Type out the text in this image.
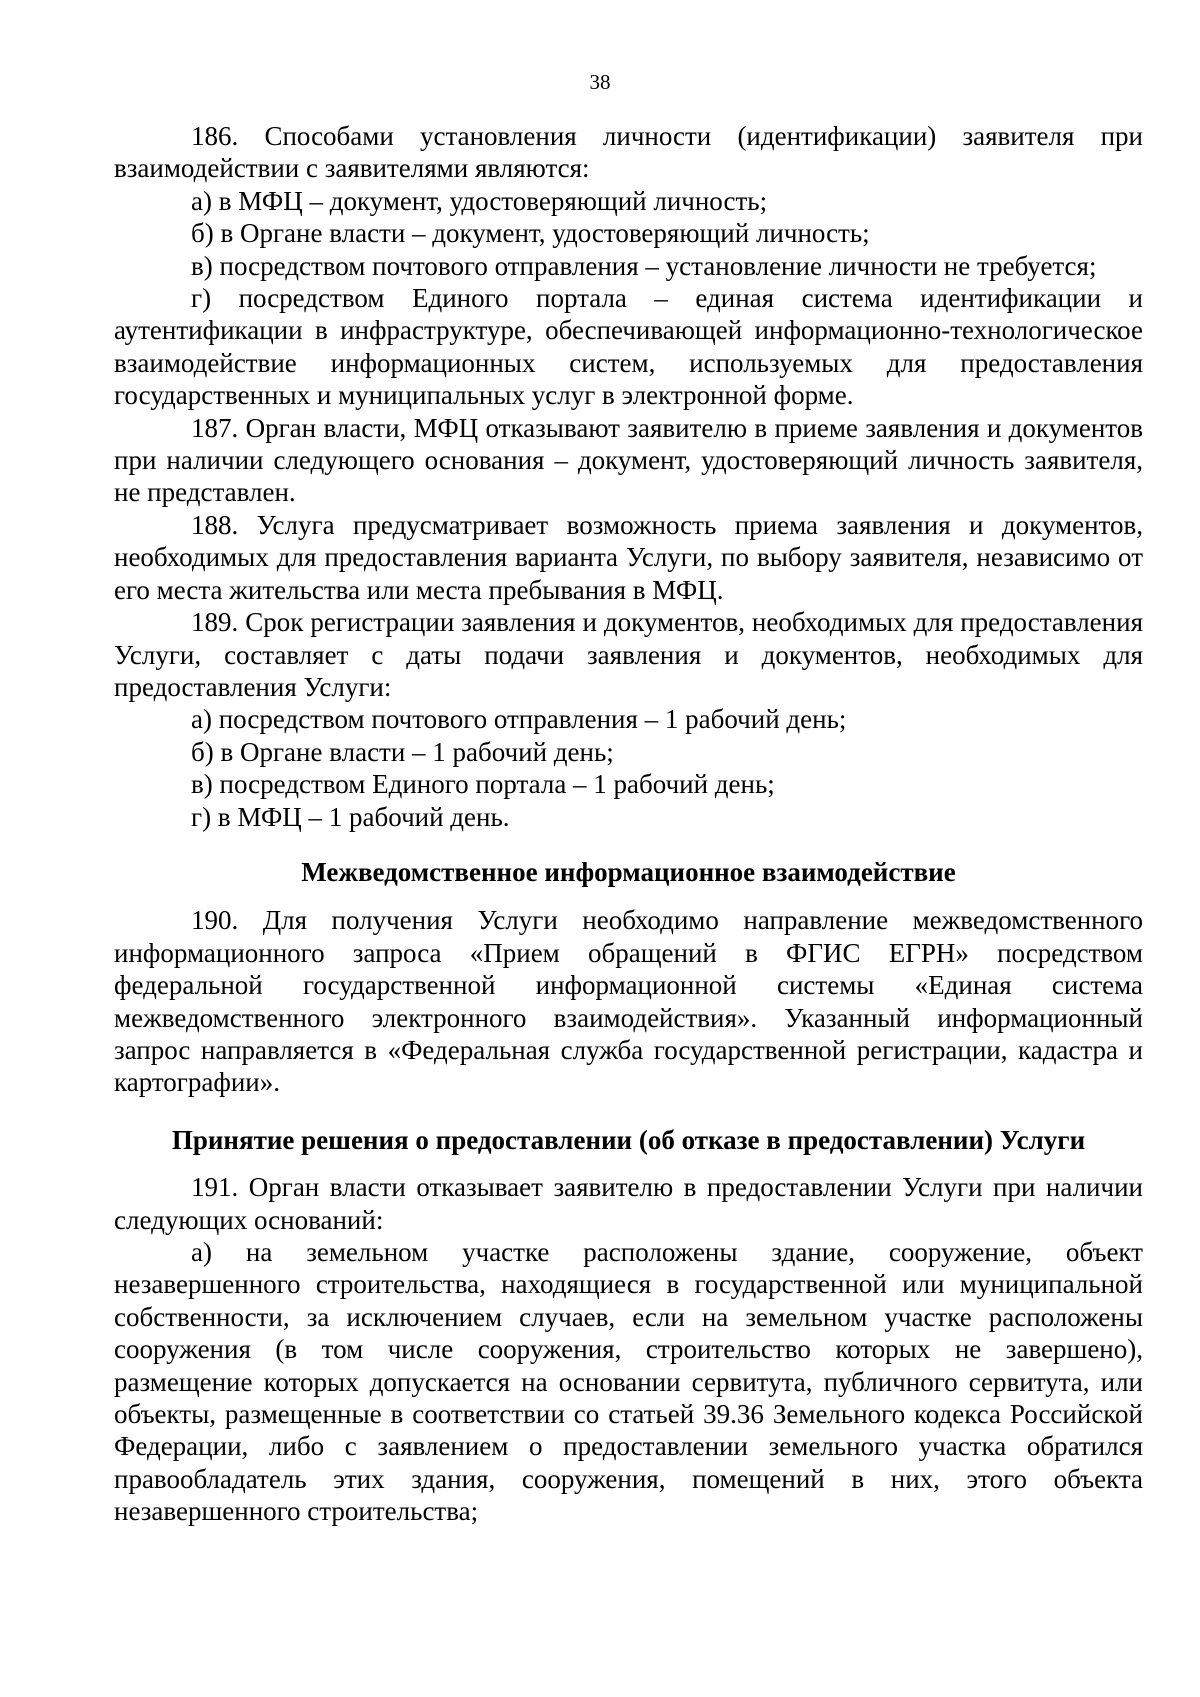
38

186. Способами установления личности (идентификации) заявителя при взаимодействии с заявителями являются:

а) в МФЦ – документ, удостоверяющий личность;

б) в Органе власти – документ, удостоверяющий личность;

в) посредством почтового отправления – установление личности не требуется;

г) посредством Единого портала – единая система идентификации и аутентификации в инфраструктуре, обеспечивающей информационно-технологическое взаимодействие информационных систем, используемых для предоставления государственных и муниципальных услуг в электронной форме.

187. Орган власти, МФЦ отказывают заявителю в приеме заявления и документов при наличии следующего основания – документ, удостоверяющий личность заявителя, не представлен.

188. Услуга предусматривает возможность приема заявления и документов, необходимых для предоставления варианта Услуги, по выбору заявителя, независимо от его места жительства или места пребывания в МФЦ.

189. Срок регистрации заявления и документов, необходимых для предоставления Услуги, составляет с даты подачи заявления и документов, необходимых для предоставления Услуги:

а) посредством почтового отправления – 1 рабочий день;

б) в Органе власти – 1 рабочий день;

в) посредством Единого портала – 1 рабочий день;

г) в МФЦ – 1 рабочий день.

Межведомственное информационное взаимодействие

190. Для получения Услуги необходимо направление межведомственного информационного запроса «Прием обращений в ФГИС ЕГРН» посредством федеральной государственной информационной системы «Единая система межведомственного электронного взаимодействия». Указанный информационный запрос направляется в «Федеральная служба государственной регистрации, кадастра и картографии».

Принятие решения о предоставлении (об отказе в предоставлении) Услуги

191. Орган власти отказывает заявителю в предоставлении Услуги при наличии следующих оснований:

а) на земельном участке расположены здание, сооружение, объект незавершенного строительства, находящиеся в государственной или муниципальной собственности, за исключением случаев, если на земельном участке расположены сооружения (в том числе сооружения, строительство которых не завершено), размещение которых допускается на основании сервитута, публичного сервитута, или объекты, размещенные в соответствии со статьей 39.36 Земельного кодекса Российской Федерации, либо с заявлением о предоставлении земельного участка обратился правообладатель этих здания, сооружения, помещений в них, этого объекта незавершенного строительства;
